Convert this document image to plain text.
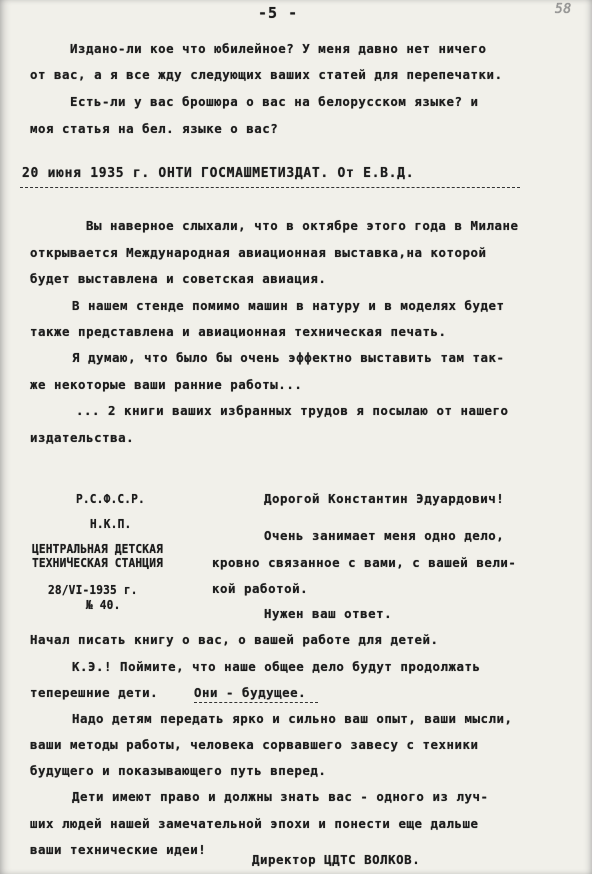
-5 -	58
Издано-ли кое что юбилейное? У меня давно нет ничего
от вас, а я все жду следующих ваших статей для перепечатки.
Есть-ли у вас брошюра о вас на белорусском языке? и
моя статья на бел. языке о вас?
20 июня 1935 г. ОНТИ ГОСМАШМЕТИЗДАТ. От Е.В.Д.
Вы наверное слыхали, что в октябре этого года в Милане
открывается Международная авиационная выставка,на которой
будет выставлена и советская авиация.
В нашем стенде помимо машин в натуру и в моделях будет
также представлена и авиационная техническая печать.
Я думаю, что было бы очень эффектно выставить там так-
же некоторые ваши ранние работы...
... 2 книги ваших избранных трудов я посылаю от нашего
издательства.
Р.С.Ф.С.Р.
Н.К.П.
ЦЕНТРАЛЬНАЯ ДЕТСКАЯ
ТЕХНИЧЕСКАЯ СТАНЦИЯ
28/VI-1935 г.
№ 40.
Дорогой Константин Эдуардович!
Очень занимает меня одно дело,
кровно связанное с вами, с вашей вели-
кой работой.
Нужен ваш ответ.
Начал писать книгу о вас, о вашей работе для детей.
К.Э.! Поймите, что наше общее дело будут продолжать
теперешние дети.	Они - будущее.
Надо детям передать ярко и сильно ваш опыт, ваши мысли,
ваши методы работы, человека сорвавшего завесу с техники
будущего и показывающего путь вперед.
Дети имеют право и должны знать вас - одного из луч-
ших людей нашей замечательной эпохи и понести еще дальше
ваши технические идеи!
Директор ЦДТС ВОЛКОВ.
